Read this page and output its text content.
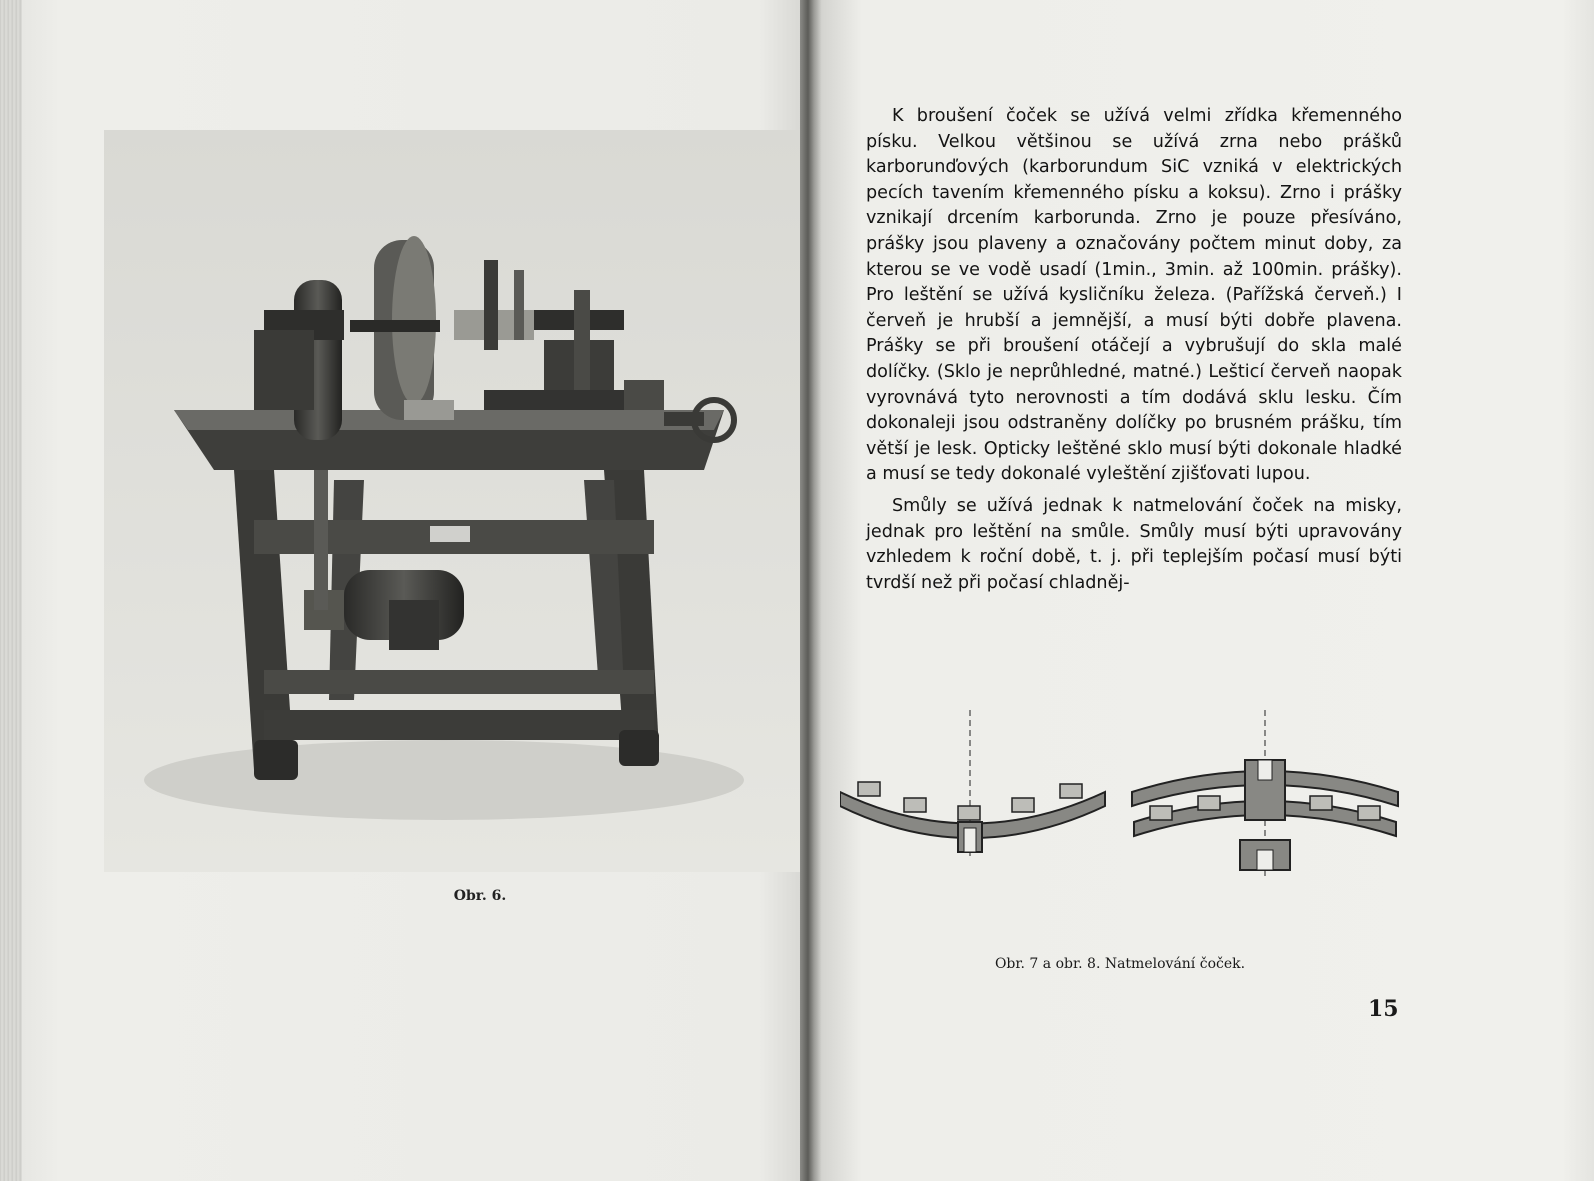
Obr. 6.

K broušení čoček se užívá velmi zřídka křemenného písku. Velkou většinou se užívá zrna nebo prášků karborunďových (karborundum SiC vzniká v elektrických pecích tavením křemenného písku a koksu). Zrno i prášky vznikají drcením karborunda. Zrno je pouze přesíváno, prášky jsou plaveny a označovány počtem minut doby, za kterou se ve vodě usadí (1min., 3min. až 100min. prášky). Pro leštění se užívá kysličníku železa. (Pařížská červeň.) I červeň je hrubší a jemnější, a musí býti dobře plavena. Prášky se při broušení otáčejí a vybrušují do skla malé dolíčky. (Sklo je neprůhledné, matné.) Lešticí červeň naopak vyrovnává tyto nerovnosti a tím dodává sklu lesku. Čím dokonaleji jsou odstraněny dolíčky po brusném prášku, tím větší je lesk. Opticky leštěné sklo musí býti dokonale hladké a musí se tedy dokonalé vyleštění zjišťovati lupou.

Smůly se užívá jednak k natmelování čoček na misky, jednak pro leštění na smůle. Smůly musí býti upravovány vzhledem k roční době, t. j. při teplejším počasí musí býti tvrdší než při počasí chladněj-

Obr. 7 a obr. 8. Natmelování čoček.
15
